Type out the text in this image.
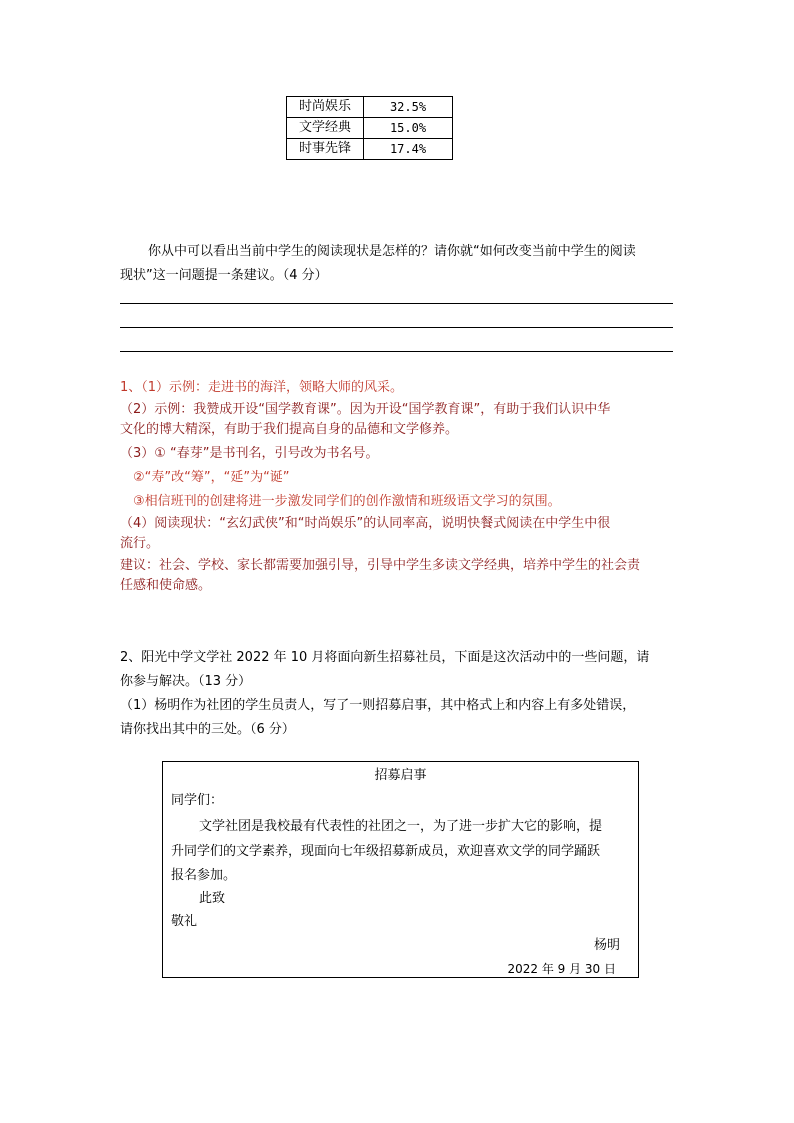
时尚娱乐	32.5%
文学经典	15.0%
时事先锋	17.4%
你从中可以看出当前中学生的阅读现状是怎样的？请你就“如何改变当前中学生的阅读
现状”这一问题提一条建议。（4 分）
1、（1）示例：走进书的海洋，领略大师的风采。
（2）示例：我赞成开设“国学教育课”。因为开设“国学教育课”，有助于我们认识中华
文化的博大精深，有助于我们提高自身的品德和文学修养。
（3）① “春芽”是书刊名，引号改为书名号。
②“寿”改“筹”，“延”为“诞”
③相信班刊的创建将进一步激发同学们的创作激情和班级语文学习的氛围。
（4）阅读现状：“玄幻武侠”和“时尚娱乐”的认同率高，说明快餐式阅读在中学生中很
流行。
建议：社会、学校、家长都需要加强引导，引导中学生多读文学经典，培养中学生的社会责
任感和使命感。
2、阳光中学文学社 2022 年 10 月将面向新生招募社员，下面是这次活动中的一些问题，请
你参与解决。（13 分）
（1）杨明作为社团的学生员责人，写了一则招募启事，其中格式上和内容上有多处错误，
请你找出其中的三处。（6 分）
招募启事
同学们：
文学社团是我校最有代表性的社团之一，为了进一步扩大它的影响，提
升同学们的文学素养，现面向七年级招募新成员，欢迎喜欢文学的同学踊跃
报名参加。
此致
敬礼
杨明
2022 年 9 月 30 日
